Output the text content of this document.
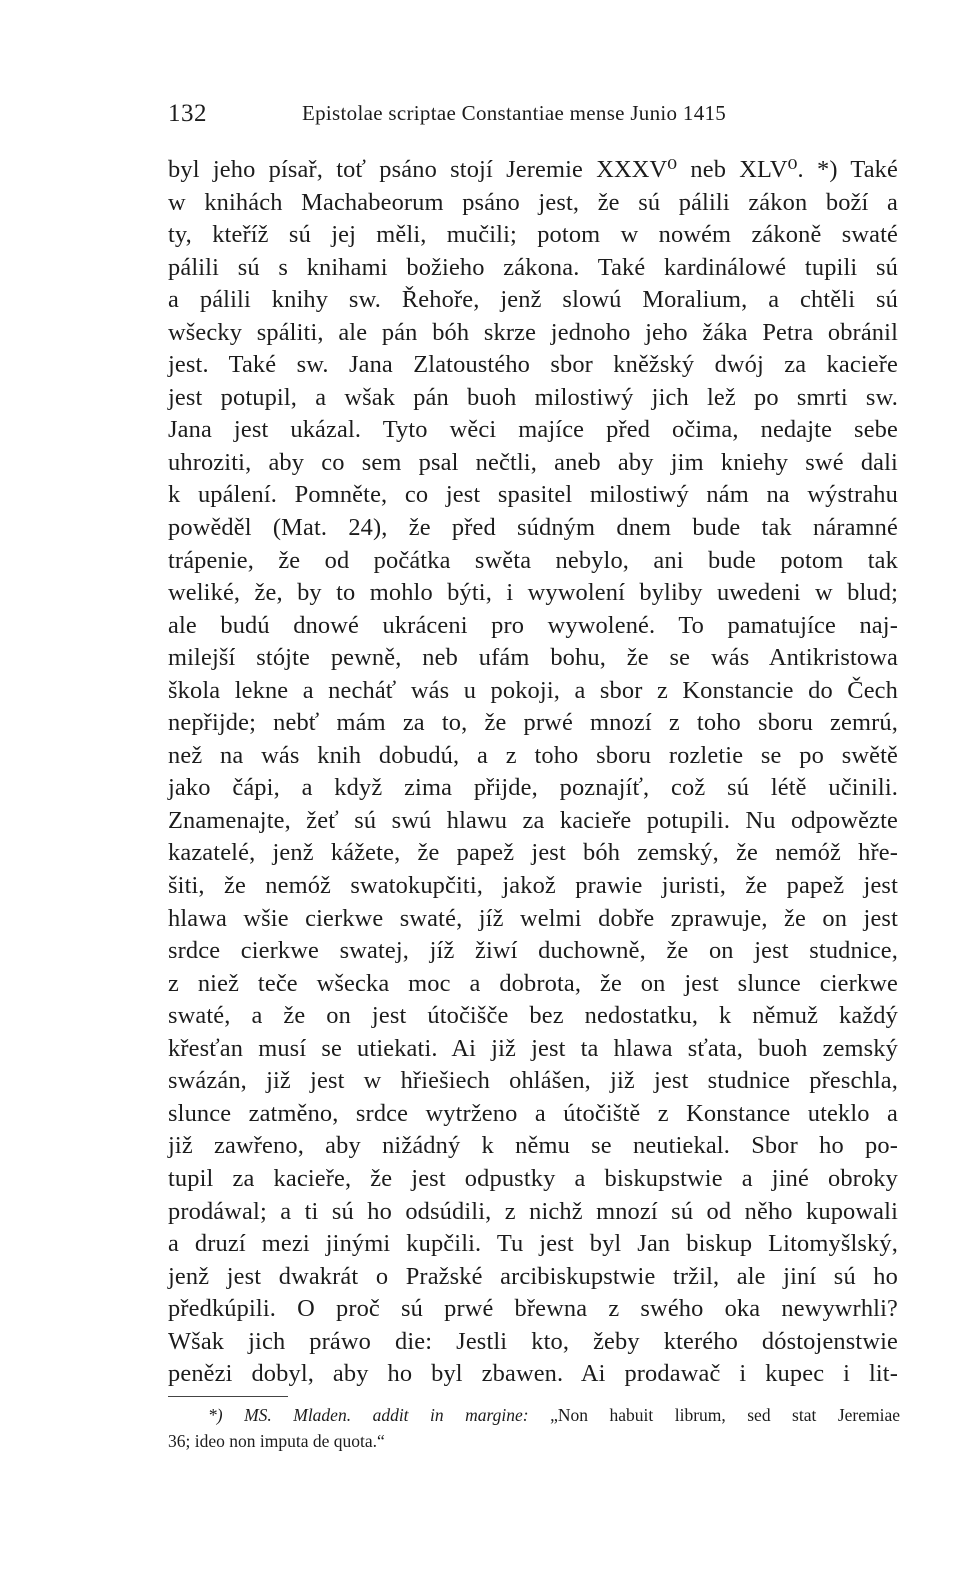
132	Epistolae scriptae Constantiae mense Junio 1415
byl jeho písař, toť psáno stojí Jeremie XXXV⁰ neb XLV⁰. *) Také
w knihách Machabeorum psáno jest, že sú pálili zákon boží a
ty, kteříž sú jej měli, mučili; potom w nowém zákoně swaté
pálili sú s knihami božieho zákona. Také kardinálowé tupili sú
a pálili knihy sw. Řehoře, jenž slowú Moralium, a chtěli sú
wšecky spáliti, ale pán bóh skrze jednoho jeho žáka Petra obránil
jest. Také sw. Jana Zlatoustého sbor kněžský dwój za kacieře
jest potupil, a wšak pán buoh milostiwý jich lež po smrti sw.
Jana jest ukázal. Tyto wěci majíce před očima, nedajte sebe
uhroziti, aby co sem psal nečtli, aneb aby jim kniehy swé dali
k upálení. Pomněte, co jest spasitel milostiwý nám na wýstrahu
powěděl (Mat. 24), že před súdným dnem bude tak náramné
trápenie, že od počátka swěta nebylo, ani bude potom tak
weliké, že, by to mohlo býti, i wywolení byliby uwedeni w blud;
ale budú dnowé ukráceni pro wywolené. To pamatujíce naj-
milejší stójte pewně, neb ufám bohu, že se wás Antikristowa
škola lekne a necháť wás u pokoji, a sbor z Konstancie do Čech
nepřijde; nebť mám za to, že prwé mnozí z toho sboru zemrú,
než na wás knih dobudú, a z toho sboru rozletie se po swětě
jako čápi, a když zima přijde, poznajíť, což sú létě učinili.
Znamenajte, žeť sú swú hlawu za kacieře potupili. Nu odpowězte
kazatelé, jenž kážete, že papež jest bóh zemský, že nemóž hře-
šiti, že nemóž swatokupčiti, jakož prawie juristi, že papež jest
hlawa wšie cierkwe swaté, jíž welmi dobře zprawuje, že on jest
srdce cierkwe swatej, jíž žiwí duchowně, že on jest studnice,
z niež teče wšecka moc a dobrota, že on jest slunce cierkwe
swaté, a že on jest útočišče bez nedostatku, k němuž každý
křesťan musí se utiekati. Ai již jest ta hlawa sťata, buoh zemský
swázán, již jest w hřiešiech ohlášen, již jest studnice přeschla,
slunce zatměno, srdce wytrženo a útočiště z Konstance uteklo a
již zawřeno, aby nižádný k němu se neutiekal. Sbor ho po-
tupil za kacieře, že jest odpustky a biskupstwie a jiné obroky
prodáwal; a ti sú ho odsúdili, z nichž mnozí sú od něho kupowali
a druzí mezi jinými kupčili. Tu jest byl Jan biskup Litomyšlský,
jenž jest dwakrát o Pražské arcibiskupstwie tržil, ale jiní sú ho
předkúpili. O proč sú prwé břewna z swého oka newywrhli?
Wšak jich práwo die: Jestli kto, žeby kterého dóstojenstwie
penězi dobyl, aby ho byl zbawen. Ai prodawač i kupec i lit-
*) MS. Mladen. addit in margine: „Non habuit librum, sed stat Jeremiae
36; ideo non imputa de quota.“
